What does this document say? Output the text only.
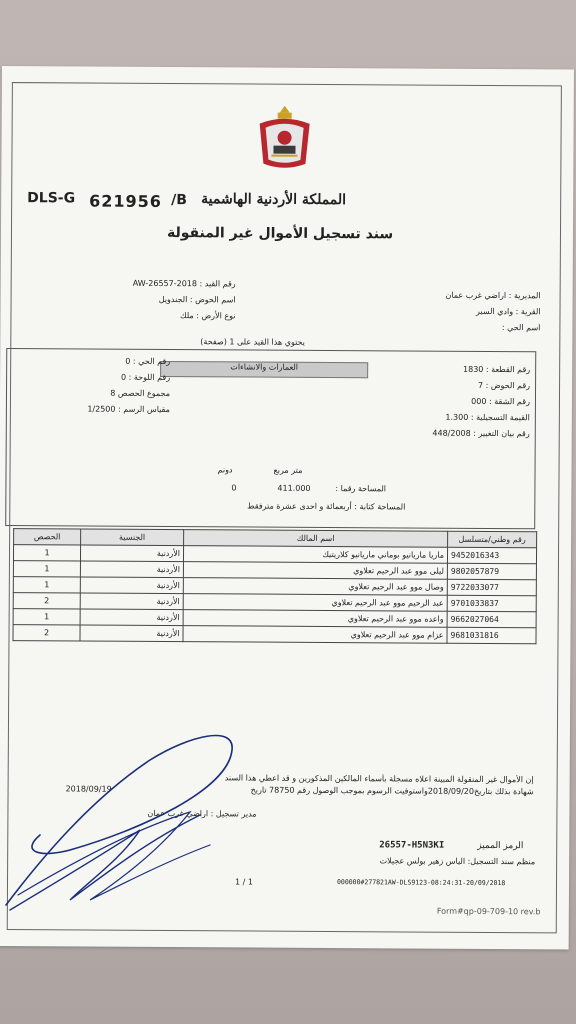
DLS-G 621956 /B المملكة الأردنية الهاشمية
سند تسجيل الأموال غير المنقولة
رقم القيد : 2018-AW-26557
اسم الحوض : الجندويل
نوع الأرض : ملك
المديرية : اراضي غرب عمان
القرية : وادي السير
اسم الحي :
يحتوي هذا القيد على 1 (صفحة)
العمارات والانشاءات	رقم القطعة : 1830
رقم الحوض : 7
رقم الشقة : 000
القيمة التسجيلية : 1.300
رقم بيان التغيير : 448/2008
رقم الحي : 0
رقم اللوحة : 0
مجموع الحصص 8
مقياس الرسم : 1/2500
دونم	متر مربع
0	411.000	المساحة رقما :
المساحة كتابة : أربعمائة و احدى عشرة مترفقط
الحصص	الجنسية	اسم المالك	رقم وطني/متسلسل
1	الأردنية	ماريا ماريانيو بوماني ماريانيو كلاريتيك	9452016343
1	الأردنية	ليلى موو عبد الرحيم تعلاوي	9802057879
1	الأردنية	وصال موو عبد الرحيم تعلاوي	9722033077
2	الأردنية	عبد الرحيم موو عبد الرحيم تعلاوي	9701033837
1	الأردنية	واعده موو عبد الرحيم تعلاوي	9662027064
2	الأردنية	عزام موو عبد الرحيم تعلاوي	9681031816
إن الأموال غير المنقولة المبينة اعلاه مسجلة بأسماء المالكين المذكورين و قد اعطي هذا السند
شهادة بذلك بتاريخ2018/09/20واستوفيت الرسوم بموجب الوصول رقم 78750 تاريخ
2018/09/19
مدير تسجيل : اراضي غرب عمان
الرمز المميز
26557-H5N3KI
منظم سند التسجيل: الياس زهير بولس عجيلات
1 / 1	000000#277821AW-DLS9123-08:24:31-20/09/2018
Form#qp-09-709-10 rev.b
